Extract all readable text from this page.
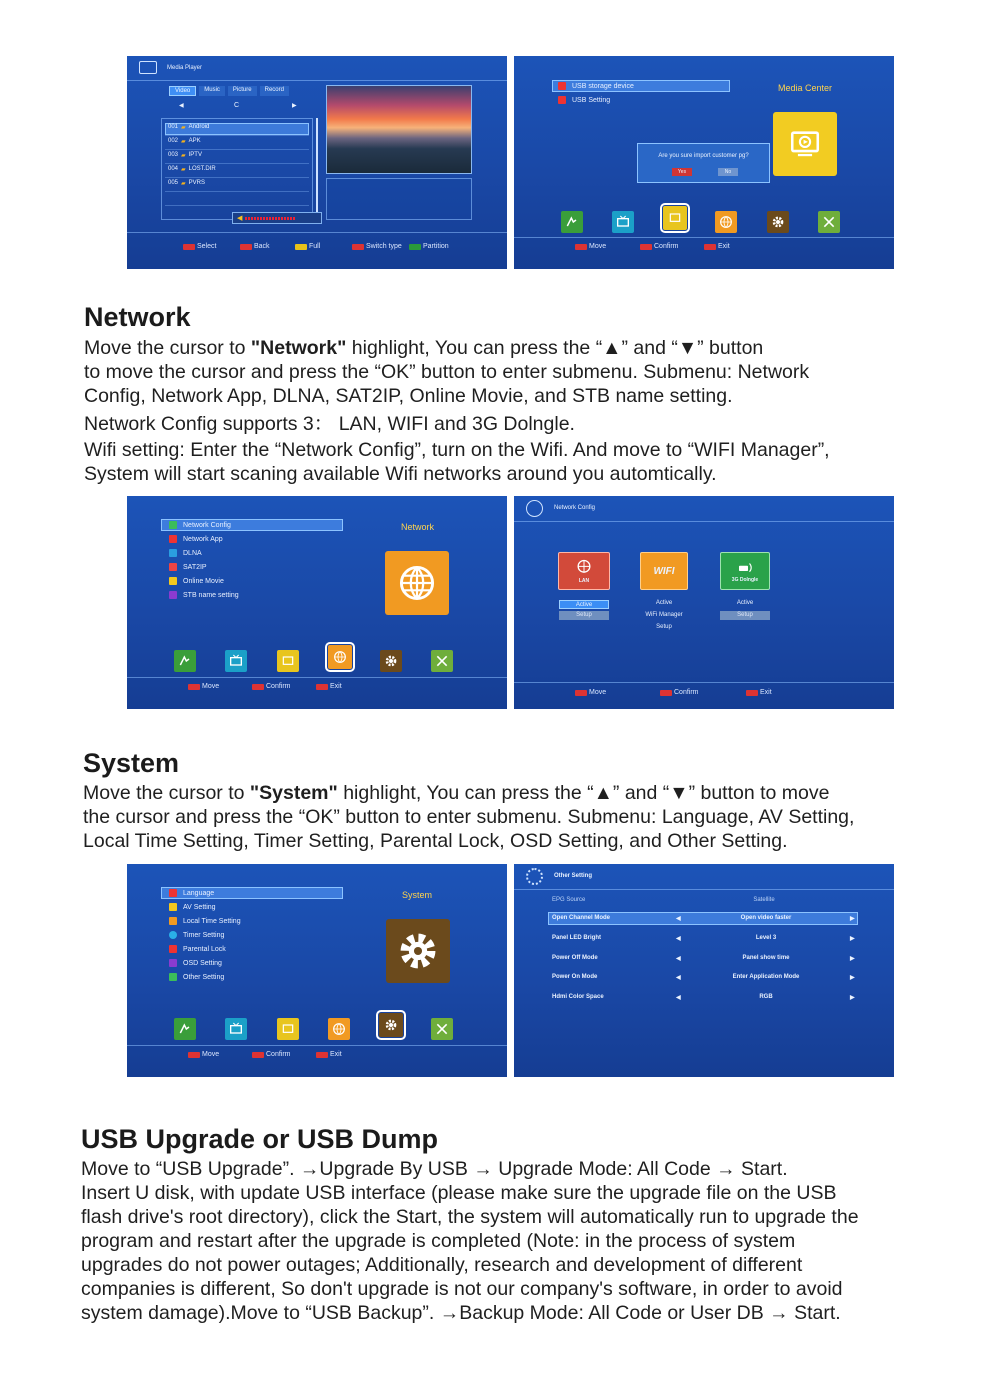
Media Player
Video	Music	Picture	Record
◀	C	▶
001 ▰ Android
002 ▰ APK
003 ▰ IPTV
004 ▰ LOST.DIR
005 ▰ PVRS
◀
Select	Back	Full	Switch type	Partition
USB storage device
USB Setting
Media Center
Are you sure import customer pg?
Yes	No
Move	Confirm	Exit
Network
Move the cursor to "Network" highlight, You can press the “▲” and “▼” button
to move the cursor and press the “OK” button to enter submenu. Submenu: Network
Config, Network App, DLNA, SAT2IP, Online Movie, and STB name setting.
Network Config supports 3： LAN, WIFI and 3G Dolngle.
Wifi setting: Enter the “Network Config”, turn on the Wifi. And move to “WIFI Manager”,
System will start scaning available Wifi networks around you automtically.
Network Config
Network App
DLNA
SAT2IP
Online Movie
STB name setting
Network
Move	Confirm	Exit
Network Config
LAN
Active
Setup
WIFI
Active
WiFi Manager
Setup
3G Dolngle
Active
Setup
Move	Confirm	Exit
System
Move the cursor to "System" highlight, You can press the “▲” and “▼” button to move
the cursor and press the “OK” button to enter submenu. Submenu: Language, AV Setting,
Local Time Setting, Timer Setting, Parental Lock, OSD Setting, and Other Setting.
Language
AV Setting
Local Time Setting
Timer Setting
Parental Lock
OSD Setting
Other Setting
System
Move	Confirm	Exit
Other Setting
EPG Source	Satellite
Open Channel Mode	◀	Open video faster	▶
Panel LED Bright	◀	Level 3	▶
Power Off Mode	◀	Panel show time	▶
Power On Mode	◀	Enter Application Mode	▶
Hdmi Color Space	◀	RGB	▶
USB Upgrade or USB Dump
Move to “USB Upgrade”. →Upgrade By USB → Upgrade Mode: All Code → Start.
Insert U disk, with update USB interface (please make sure the upgrade file on the USB
flash drive's root directory), click the Start, the system will automatically run to upgrade the
program and restart after the upgrade is completed (Note: in the process of system
upgrades do not power outages; Additionally, research and development of different
companies is different, So don't upgrade is not our company's software, in order to avoid
system damage).Move to “USB Backup”. →Backup Mode: All Code or User DB → Start.
